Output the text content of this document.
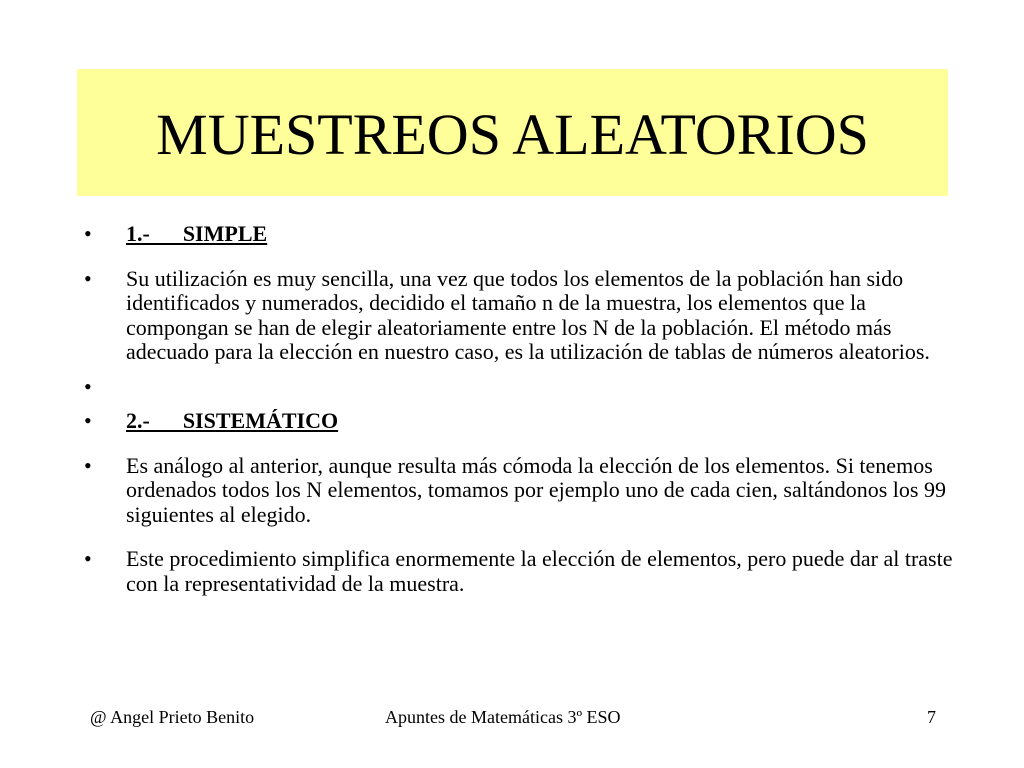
MUESTREOS ALEATORIOS
•	1.-      SIMPLE
•	Su utilización es muy sencilla, una vez que todos los elementos de la población han sido identificados y numerados, decidido el tamaño n de la muestra, los elementos que la compongan se han de elegir aleatoriamente entre los N de la población. El método más adecuado para la elección en nuestro caso, es la utilización de tablas de números aleatorios.
•
•	2.-      SISTEMÁTICO
•	Es análogo al anterior, aunque resulta más cómoda la elección de los elementos. Si tenemos ordenados todos los N elementos, tomamos por ejemplo uno de cada cien, saltándonos los 99 siguientes al elegido.
•	Este procedimiento simplifica enormemente la elección de elementos, pero puede dar al traste con la representatividad de la muestra.
@ Angel Prieto Benito	Apuntes de Matemáticas 3º ESO	7
